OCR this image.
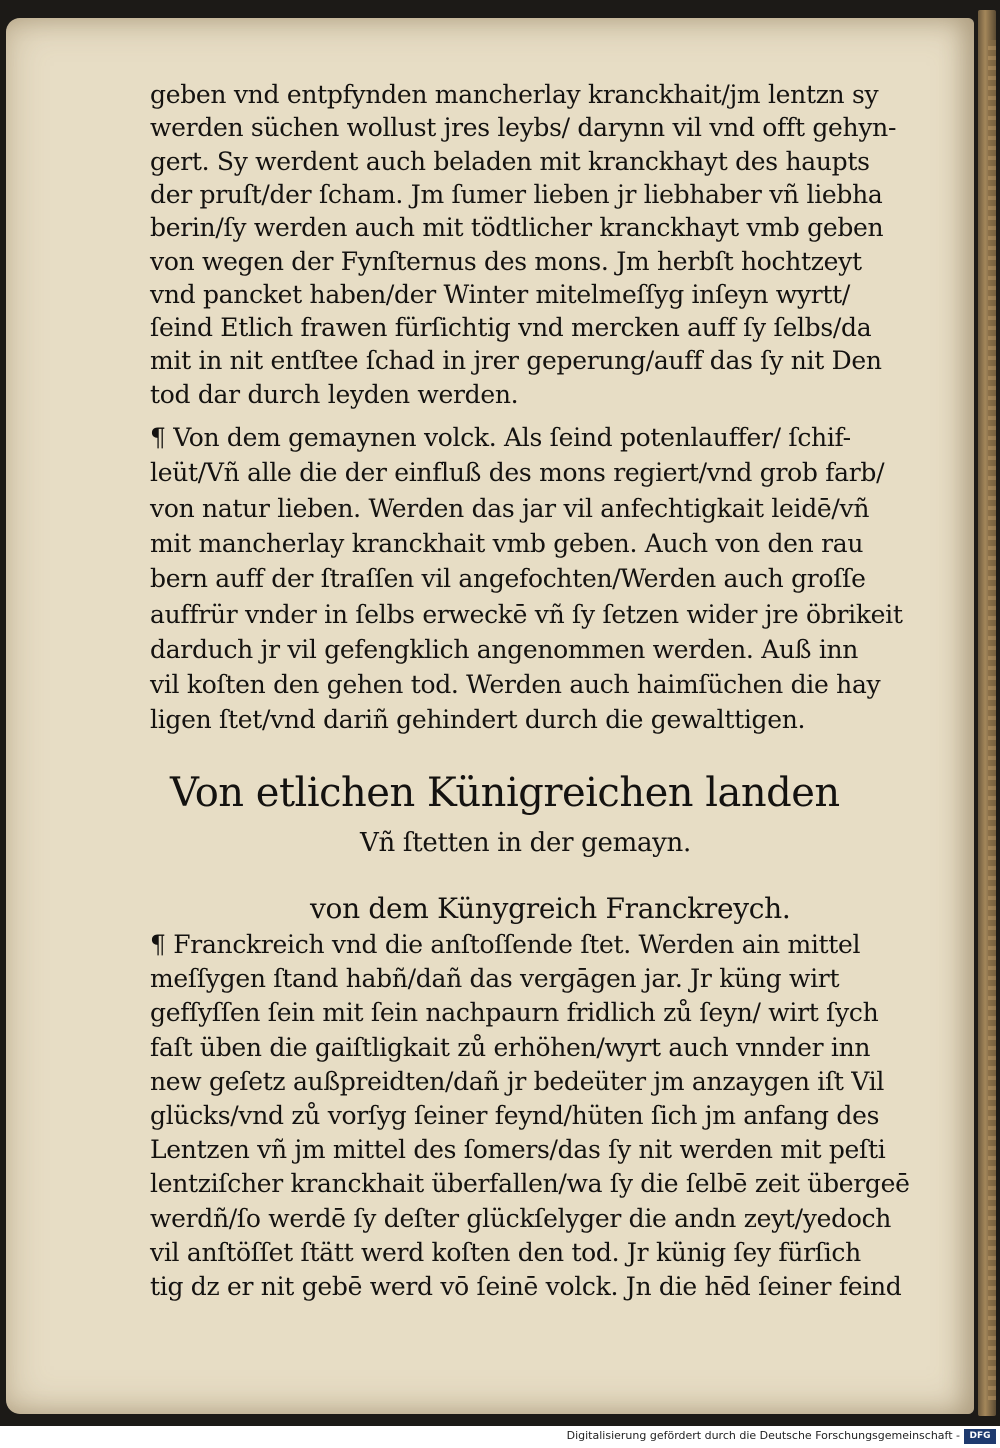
geben vnd entpfynden mancherlay kranckhait/jm lentzn sy
werden süchen wollust jres leybs/ darynn vil vnd offt gehyn-
gert. Sy werdent auch beladen mit kranckhayt des haupts
der pruſt/der ſcham. Jm ſumer lieben jr liebhaber vñ liebha
berin/ſy werden auch mit tödtlicher kranckhayt vmb geben
von wegen der Fynſternus des mons. Jm herbſt hochtzeyt
vnd pancket haben/der Winter mitelmeſſyg inſeyn wyrtt/
ſeind Etlich frawen fürſichtig vnd mercken auff ſy ſelbs/da
mit in nit entſtee ſchad in jrer geperung/auff das ſy nit Den
tod dar durch leyden werden.
¶ Von dem gemaynen volck. Als ſeind potenlauffer/ ſchif-
leüt/Vñ alle die der einfluß des mons regiert/vnd grob farb/
von natur lieben. Werden das jar vil anfechtigkait leidē/vñ
mit mancherlay kranckhait vmb geben. Auch von den rau
bern auff der ſtraſſen vil angefochten/Werden auch groſſe
auffrür vnder in ſelbs erweckē vñ ſy ſetzen wider jre öbrikeit
darduch jr vil gefengklich angenommen werden. Auß inn
vil koſten den gehen tod. Werden auch haimſüchen die hay
ligen ſtet/vnd dariñ gehindert durch die gewalttigen.
¶ Franckreich vnd die anſtoſſende ſtet. Werden ain mittel
meſſygen ſtand habñ/dañ das vergāgen jar. Jr küng wirt
gefſyſſen ſein mit ſein nachpaurn fridlich zů ſeyn/ wirt ſych
faſt üben die gaiſtligkait zů erhöhen/wyrt auch vnnder inn
new geſetz außpreidten/dañ jr bedeüter jm anzaygen iſt Vil
glücks/vnd zů vorſyg ſeiner feynd/hüten ſich jm anfang des
Lentzen vñ jm mittel des ſomers/das ſy nit werden mit peſti
lentziſcher kranckhait überfallen/wa ſy die ſelbē zeit übergeē
werdñ/ſo werdē ſy deſter glückſelyger die andn zeyt/yedoch
vil anſtöſſet ſtätt werd koſten den tod. Jr künig ſey fürſich
tig dz er nit gebē werd vō ſeinē volck. Jn die hēd ſeiner feind
Von etlichen Künigreichen landen
Vñ ſtetten in der gemayn.
von dem Künygreich Franckreych.
Digitalisierung gefördert durch die Deutsche Forschungsgemeinschaft -	DFG
